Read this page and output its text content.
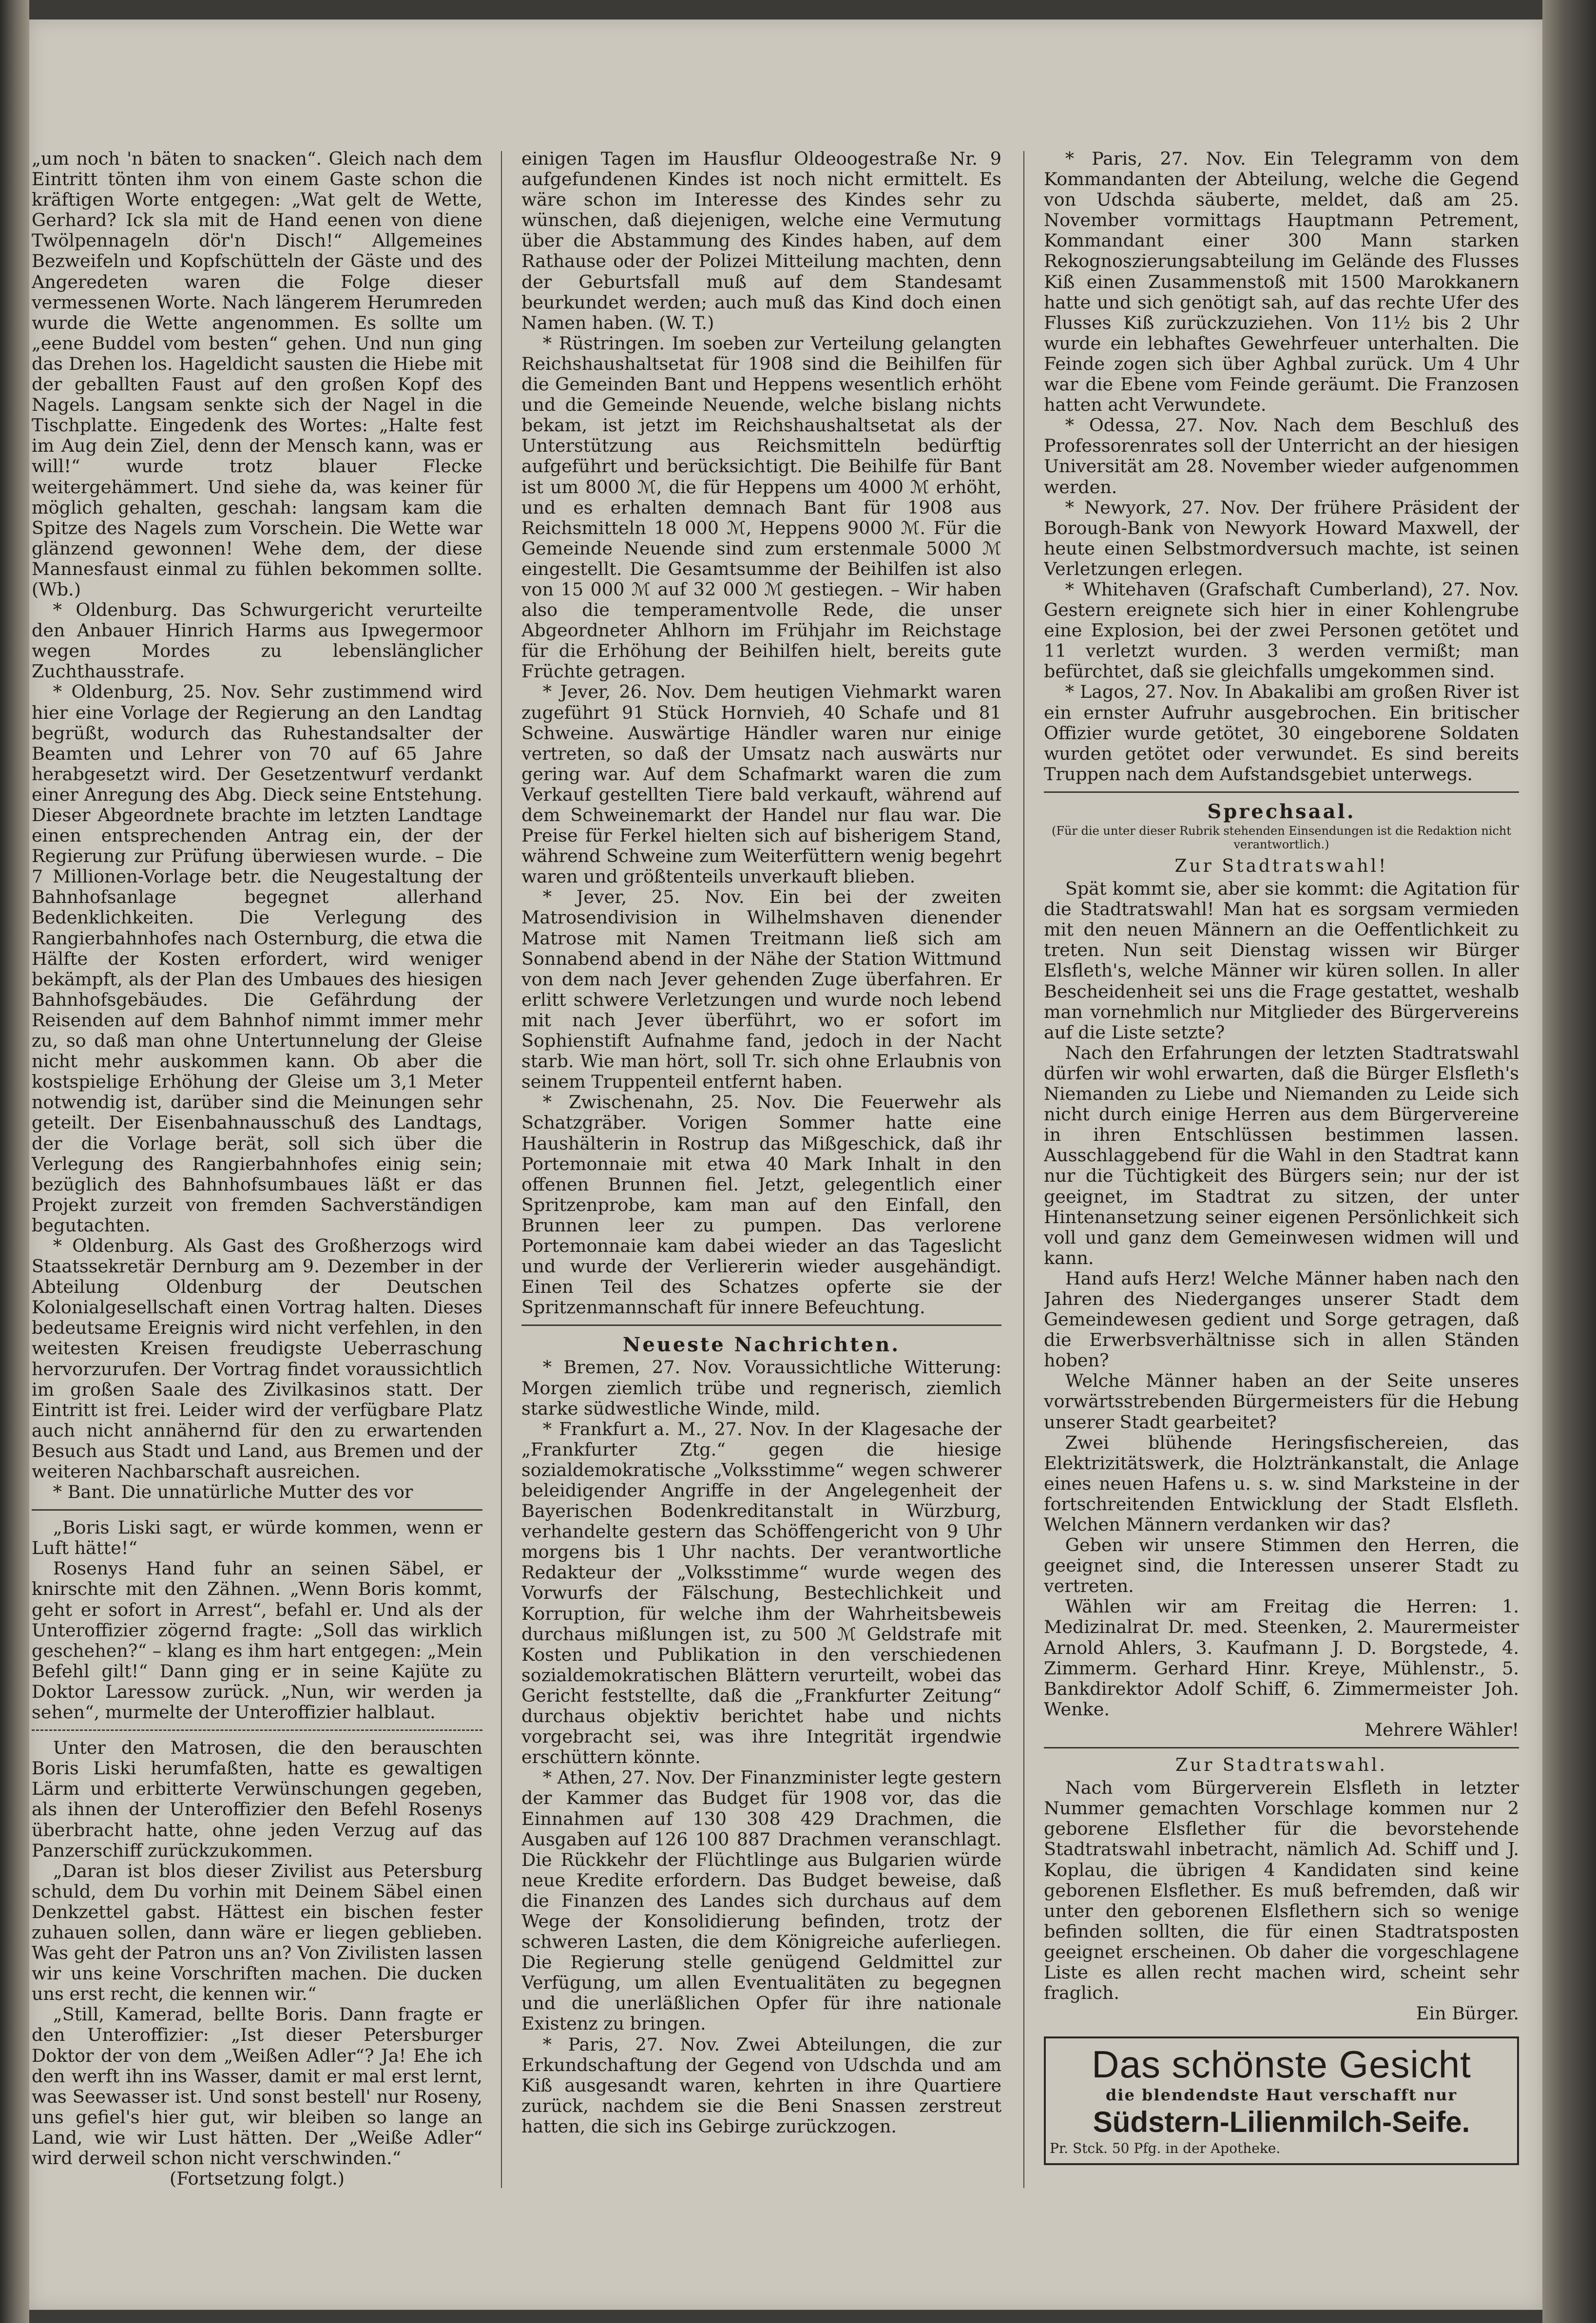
„um noch 'n bäten to snacken“. Gleich nach dem Eintritt tönten ihm von einem Gaste schon die kräftigen Worte entgegen: „Wat gelt de Wette, Gerhard? Ick sla mit de Hand eenen von diene Twölpennageln dör'n Disch!“ Allgemeines Bezweifeln und Kopfschütteln der Gäste und des Angeredeten waren die Folge dieser vermessenen Worte. Nach längerem Herumreden wurde die Wette angenommen. Es sollte um „eene Buddel vom besten“ gehen. Und nun ging das Drehen los. Hageldicht sausten die Hiebe mit der geballten Faust auf den großen Kopf des Nagels. Langsam senkte sich der Nagel in die Tischplatte. Eingedenk des Wortes: „Halte fest im Aug dein Ziel, denn der Mensch kann, was er will!“ wurde trotz blauer Flecke weitergehämmert. Und siehe da, was keiner für möglich gehalten, geschah: langsam kam die Spitze des Nagels zum Vorschein. Die Wette war glänzend gewonnen! Wehe dem, der diese Mannesfaust einmal zu fühlen bekommen sollte. (Wb.)

* Oldenburg. Das Schwurgericht verurteilte den Anbauer Hinrich Harms aus Ipwegermoor wegen Mordes zu lebenslänglicher Zuchthausstrafe.

* Oldenburg, 25. Nov. Sehr zustimmend wird hier eine Vorlage der Regierung an den Landtag begrüßt, wodurch das Ruhestandsalter der Beamten und Lehrer von 70 auf 65 Jahre herabgesetzt wird. Der Gesetzentwurf verdankt einer Anregung des Abg. Dieck seine Entstehung. Dieser Abgeordnete brachte im letzten Landtage einen entsprechenden Antrag ein, der der Regierung zur Prüfung überwiesen wurde. – Die 7 Millionen-Vorlage betr. die Neugestaltung der Bahnhofsanlage begegnet allerhand Bedenklichkeiten. Die Verlegung des Rangierbahnhofes nach Osternburg, die etwa die Hälfte der Kosten erfordert, wird weniger bekämpft, als der Plan des Umbaues des hiesigen Bahnhofsgebäudes. Die Gefährdung der Reisenden auf dem Bahnhof nimmt immer mehr zu, so daß man ohne Untertunnelung der Gleise nicht mehr auskommen kann. Ob aber die kostspielige Erhöhung der Gleise um 3,1 Meter notwendig ist, darüber sind die Meinungen sehr geteilt. Der Eisenbahnausschuß des Landtags, der die Vorlage berät, soll sich über die Verlegung des Rangierbahnhofes einig sein; bezüglich des Bahnhofsumbaues läßt er das Projekt zurzeit von fremden Sachverständigen begutachten.

* Oldenburg. Als Gast des Großherzogs wird Staatssekretär Dernburg am 9. Dezember in der Abteilung Oldenburg der Deutschen Kolonialgesellschaft einen Vortrag halten. Dieses bedeutsame Ereignis wird nicht verfehlen, in den weitesten Kreisen freudigste Ueberraschung hervorzurufen. Der Vortrag findet voraussichtlich im großen Saale des Zivilkasinos statt. Der Eintritt ist frei. Leider wird der verfügbare Platz auch nicht annähernd für den zu erwartenden Besuch aus Stadt und Land, aus Bremen und der weiteren Nachbarschaft ausreichen.

* Bant. Die unnatürliche Mutter des vor

„Boris Liski sagt, er würde kommen, wenn er Luft hätte!“

Rosenys Hand fuhr an seinen Säbel, er knirschte mit den Zähnen. „Wenn Boris kommt, geht er sofort in Arrest“, befahl er. Und als der Unteroffizier zögernd fragte: „Soll das wirklich geschehen?“ – klang es ihm hart entgegen: „Mein Befehl gilt!“ Dann ging er in seine Kajüte zu Doktor Laressow zurück. „Nun, wir werden ja sehen“, murmelte der Unteroffizier halblaut.

Unter den Matrosen, die den berauschten Boris Liski herumfaßten, hatte es gewaltigen Lärm und erbitterte Verwünschungen gegeben, als ihnen der Unteroffizier den Befehl Rosenys überbracht hatte, ohne jeden Verzug auf das Panzerschiff zurückzukommen.

„Daran ist blos dieser Zivilist aus Petersburg schuld, dem Du vorhin mit Deinem Säbel einen Denkzettel gabst. Hättest ein bischen fester zuhauen sollen, dann wäre er liegen geblieben. Was geht der Patron uns an? Von Zivilisten lassen wir uns keine Vorschriften machen. Die ducken uns erst recht, die kennen wir.“

„Still, Kamerad, bellte Boris. Dann fragte er den Unteroffizier: „Ist dieser Petersburger Doktor der von dem „Weißen Adler“? Ja! Ehe ich den werft ihn ins Wasser, damit er mal erst lernt, was Seewasser ist. Und sonst bestell' nur Roseny, uns gefiel's hier gut, wir bleiben so lange an Land, wie wir Lust hätten. Der „Weiße Adler“ wird derweil schon nicht verschwinden.“

(Fortsetzung folgt.)

einigen Tagen im Hausflur Oldeoogestraße Nr. 9 aufgefundenen Kindes ist noch nicht ermittelt. Es wäre schon im Interesse des Kindes sehr zu wünschen, daß diejenigen, welche eine Vermutung über die Abstammung des Kindes haben, auf dem Rathause oder der Polizei Mitteilung machten, denn der Geburtsfall muß auf dem Standesamt beurkundet werden; auch muß das Kind doch einen Namen haben. (W. T.)

* Rüstringen. Im soeben zur Verteilung gelangten Reichshaushaltsetat für 1908 sind die Beihilfen für die Gemeinden Bant und Heppens wesentlich erhöht und die Gemeinde Neuende, welche bislang nichts bekam, ist jetzt im Reichshaushaltsetat als der Unterstützung aus Reichsmitteln bedürftig aufgeführt und berücksichtigt. Die Beihilfe für Bant ist um 8000 ℳ, die für Heppens um 4000 ℳ erhöht, und es erhalten demnach Bant für 1908 aus Reichsmitteln 18 000 ℳ, Heppens 9000 ℳ. Für die Gemeinde Neuende sind zum erstenmale 5000 ℳ eingestellt. Die Gesamtsumme der Beihilfen ist also von 15 000 ℳ auf 32 000 ℳ gestiegen. – Wir haben also die temperamentvolle Rede, die unser Abgeordneter Ahlhorn im Frühjahr im Reichstage für die Erhöhung der Beihilfen hielt, bereits gute Früchte getragen.

* Jever, 26. Nov. Dem heutigen Viehmarkt waren zugeführt 91 Stück Hornvieh, 40 Schafe und 81 Schweine. Auswärtige Händler waren nur einige vertreten, so daß der Umsatz nach auswärts nur gering war. Auf dem Schafmarkt waren die zum Verkauf gestellten Tiere bald verkauft, während auf dem Schweinemarkt der Handel nur flau war. Die Preise für Ferkel hielten sich auf bisherigem Stand, während Schweine zum Weiterfüttern wenig begehrt waren und größtenteils unverkauft blieben.

* Jever, 25. Nov. Ein bei der zweiten Matrosendivision in Wilhelmshaven dienender Matrose mit Namen Treitmann ließ sich am Sonnabend abend in der Nähe der Station Wittmund von dem nach Jever gehenden Zuge überfahren. Er erlitt schwere Verletzungen und wurde noch lebend mit nach Jever überführt, wo er sofort im Sophienstift Aufnahme fand, jedoch in der Nacht starb. Wie man hört, soll Tr. sich ohne Erlaubnis von seinem Truppenteil entfernt haben.

* Zwischenahn, 25. Nov. Die Feuerwehr als Schatzgräber. Vorigen Sommer hatte eine Haushälterin in Rostrup das Mißgeschick, daß ihr Portemonnaie mit etwa 40 Mark Inhalt in den offenen Brunnen fiel. Jetzt, gelegentlich einer Spritzenprobe, kam man auf den Einfall, den Brunnen leer zu pumpen. Das verlorene Portemonnaie kam dabei wieder an das Tageslicht und wurde der Verliererin wieder ausgehändigt. Einen Teil des Schatzes opferte sie der Spritzenmannschaft für innere Befeuchtung.

Neueste Nachrichten.

* Bremen, 27. Nov. Voraussichtliche Witterung: Morgen ziemlich trübe und regnerisch, ziemlich starke südwestliche Winde, mild.

* Frankfurt a. M., 27. Nov. In der Klagesache der „Frankfurter Ztg.“ gegen die hiesige sozialdemokratische „Volksstimme“ wegen schwerer beleidigender Angriffe in der Angelegenheit der Bayerischen Bodenkreditanstalt in Würzburg, verhandelte gestern das Schöffengericht von 9 Uhr morgens bis 1 Uhr nachts. Der verantwortliche Redakteur der „Volksstimme“ wurde wegen des Vorwurfs der Fälschung, Bestechlichkeit und Korruption, für welche ihm der Wahrheitsbeweis durchaus mißlungen ist, zu 500 ℳ Geldstrafe mit Kosten und Publikation in den verschiedenen sozialdemokratischen Blättern verurteilt, wobei das Gericht feststellte, daß die „Frankfurter Zeitung“ durchaus objektiv berichtet habe und nichts vorgebracht sei, was ihre Integrität irgendwie erschüttern könnte.

* Athen, 27. Nov. Der Finanzminister legte gestern der Kammer das Budget für 1908 vor, das die Einnahmen auf 130 308 429 Drachmen, die Ausgaben auf 126 100 887 Drachmen veranschlagt. Die Rückkehr der Flüchtlinge aus Bulgarien würde neue Kredite erfordern. Das Budget beweise, daß die Finanzen des Landes sich durchaus auf dem Wege der Konsolidierung befinden, trotz der schweren Lasten, die dem Königreiche auferliegen. Die Regierung stelle genügend Geldmittel zur Verfügung, um allen Eventualitäten zu begegnen und die unerläßlichen Opfer für ihre nationale Existenz zu bringen.

* Paris, 27. Nov. Zwei Abteilungen, die zur Erkundschaftung der Gegend von Udschda und am Kiß ausgesandt waren, kehrten in ihre Quartiere zurück, nachdem sie die Beni Snassen zerstreut hatten, die sich ins Gebirge zurückzogen.

* Paris, 27. Nov. Ein Telegramm von dem Kommandanten der Abteilung, welche die Gegend von Udschda säuberte, meldet, daß am 25. November vormittags Hauptmann Petrement, Kommandant einer 300 Mann starken Rekognoszierungsabteilung im Gelände des Flusses Kiß einen Zusammenstoß mit 1500 Marokkanern hatte und sich genötigt sah, auf das rechte Ufer des Flusses Kiß zurückzuziehen. Von 11½ bis 2 Uhr wurde ein lebhaftes Gewehrfeuer unterhalten. Die Feinde zogen sich über Aghbal zurück. Um 4 Uhr war die Ebene vom Feinde geräumt. Die Franzosen hatten acht Verwundete.

* Odessa, 27. Nov. Nach dem Beschluß des Professorenrates soll der Unterricht an der hiesigen Universität am 28. November wieder aufgenommen werden.

* Newyork, 27. Nov. Der frühere Präsident der Borough-Bank von Newyork Howard Maxwell, der heute einen Selbstmordversuch machte, ist seinen Verletzungen erlegen.

* Whitehaven (Grafschaft Cumberland), 27. Nov. Gestern ereignete sich hier in einer Kohlengrube eine Explosion, bei der zwei Personen getötet und 11 verletzt wurden. 3 werden vermißt; man befürchtet, daß sie gleichfalls umgekommen sind.

* Lagos, 27. Nov. In Abakalibi am großen River ist ein ernster Aufruhr ausgebrochen. Ein britischer Offizier wurde getötet, 30 eingeborene Soldaten wurden getötet oder verwundet. Es sind bereits Truppen nach dem Aufstandsgebiet unterwegs.

Sprechsaal.
(Für die unter dieser Rubrik stehenden Einsendungen ist die Redaktion nicht verantwortlich.)
Zur Stadtratswahl!

Spät kommt sie, aber sie kommt: die Agitation für die Stadtratswahl! Man hat es sorgsam vermieden mit den neuen Männern an die Oeffentlichkeit zu treten. Nun seit Dienstag wissen wir Bürger Elsfleth's, welche Männer wir küren sollen. In aller Bescheidenheit sei uns die Frage gestattet, weshalb man vornehmlich nur Mitglieder des Bürgervereins auf die Liste setzte?

Nach den Erfahrungen der letzten Stadtratswahl dürfen wir wohl erwarten, daß die Bürger Elsfleth's Niemanden zu Liebe und Niemanden zu Leide sich nicht durch einige Herren aus dem Bürgervereine in ihren Entschlüssen bestimmen lassen. Ausschlaggebend für die Wahl in den Stadtrat kann nur die Tüchtigkeit des Bürgers sein; nur der ist geeignet, im Stadtrat zu sitzen, der unter Hintenansetzung seiner eigenen Persönlichkeit sich voll und ganz dem Gemeinwesen widmen will und kann.

Hand aufs Herz! Welche Männer haben nach den Jahren des Niederganges unserer Stadt dem Gemeindewesen gedient und Sorge getragen, daß die Erwerbsverhältnisse sich in allen Ständen hoben?

Welche Männer haben an der Seite unseres vorwärtsstrebenden Bürgermeisters für die Hebung unserer Stadt gearbeitet?

Zwei blühende Heringsfischereien, das Elektrizitätswerk, die Holztränkanstalt, die Anlage eines neuen Hafens u. s. w. sind Marksteine in der fortschreitenden Entwicklung der Stadt Elsfleth. Welchen Männern verdanken wir das?

Geben wir unsere Stimmen den Herren, die geeignet sind, die Interessen unserer Stadt zu vertreten.

Wählen wir am Freitag die Herren: 1. Medizinalrat Dr. med. Steenken, 2. Maurermeister Arnold Ahlers, 3. Kaufmann J. D. Borgstede, 4. Zimmerm. Gerhard Hinr. Kreye, Mühlenstr., 5. Bankdirektor Adolf Schiff, 6. Zimmermeister Joh. Wenke.

Mehrere Wähler!

Zur Stadtratswahl.

Nach vom Bürgerverein Elsfleth in letzter Nummer gemachten Vorschlage kommen nur 2 geborene Elsflether für die bevorstehende Stadtratswahl inbetracht, nämlich Ad. Schiff und J. Koplau, die übrigen 4 Kandidaten sind keine geborenen Elsflether. Es muß befremden, daß wir unter den geborenen Elsflethern sich so wenige befinden sollten, die für einen Stadtratsposten geeignet erscheinen. Ob daher die vorgeschlagene Liste es allen recht machen wird, scheint sehr fraglich.

Ein Bürger.

Das schönste Gesicht
die blendendste Haut verschafft nur
Südstern-Lilienmilch-Seife.
Pr. Stck. 50 Pfg. in der Apotheke.
